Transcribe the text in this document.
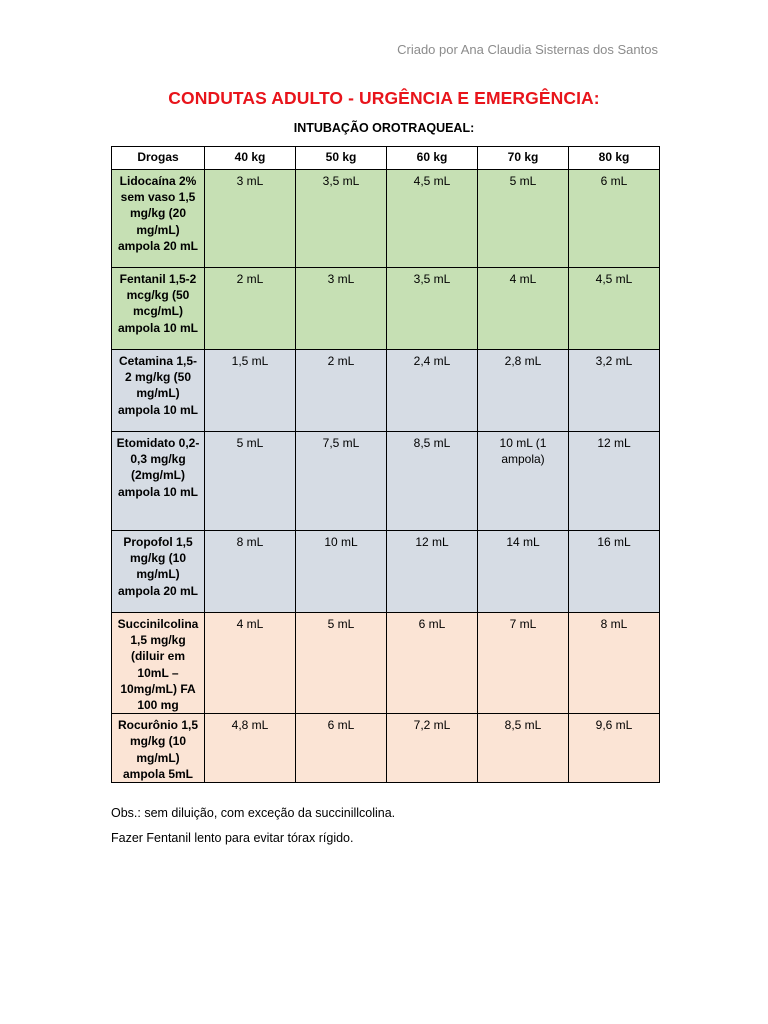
Criado por Ana Claudia Sisternas dos Santos
CONDUTAS ADULTO - URGÊNCIA E EMERGÊNCIA:
INTUBAÇÃO OROTRAQUEAL:
Drogas	40 kg	50 kg	60 kg	70 kg	80 kg
Lidocaína 2% sem vaso 1,5 mg/kg (20 mg/mL) ampola 20 mL	3 mL	3,5 mL	4,5 mL	5 mL	6 mL
Fentanil 1,5-2 mcg/kg (50 mcg/mL) ampola 10 mL	2 mL	3 mL	3,5 mL	4 mL	4,5 mL
Cetamina 1,5-2 mg/kg (50 mg/mL) ampola 10 mL	1,5 mL	2 mL	2,4 mL	2,8 mL	3,2 mL
Etomidato 0,2-0,3 mg/kg (2mg/mL) ampola 10 mL	5 mL	7,5 mL	8,5 mL	10 mL (1 ampola)	12 mL
Propofol 1,5 mg/kg (10 mg/mL) ampola 20 mL	8 mL	10 mL	12 mL	14 mL	16 mL
Succinilcolina 1,5 mg/kg (diluir em 10mL – 10mg/mL) FA 100 mg	4 mL	5 mL	6 mL	7 mL	8 mL
Rocurônio 1,5 mg/kg (10 mg/mL) ampola 5mL	4,8 mL	6 mL	7,2 mL	8,5 mL	9,6 mL

Obs.: sem diluição, com exceção da succinillcolina.

Fazer Fentanil lento para evitar tórax rígido.
